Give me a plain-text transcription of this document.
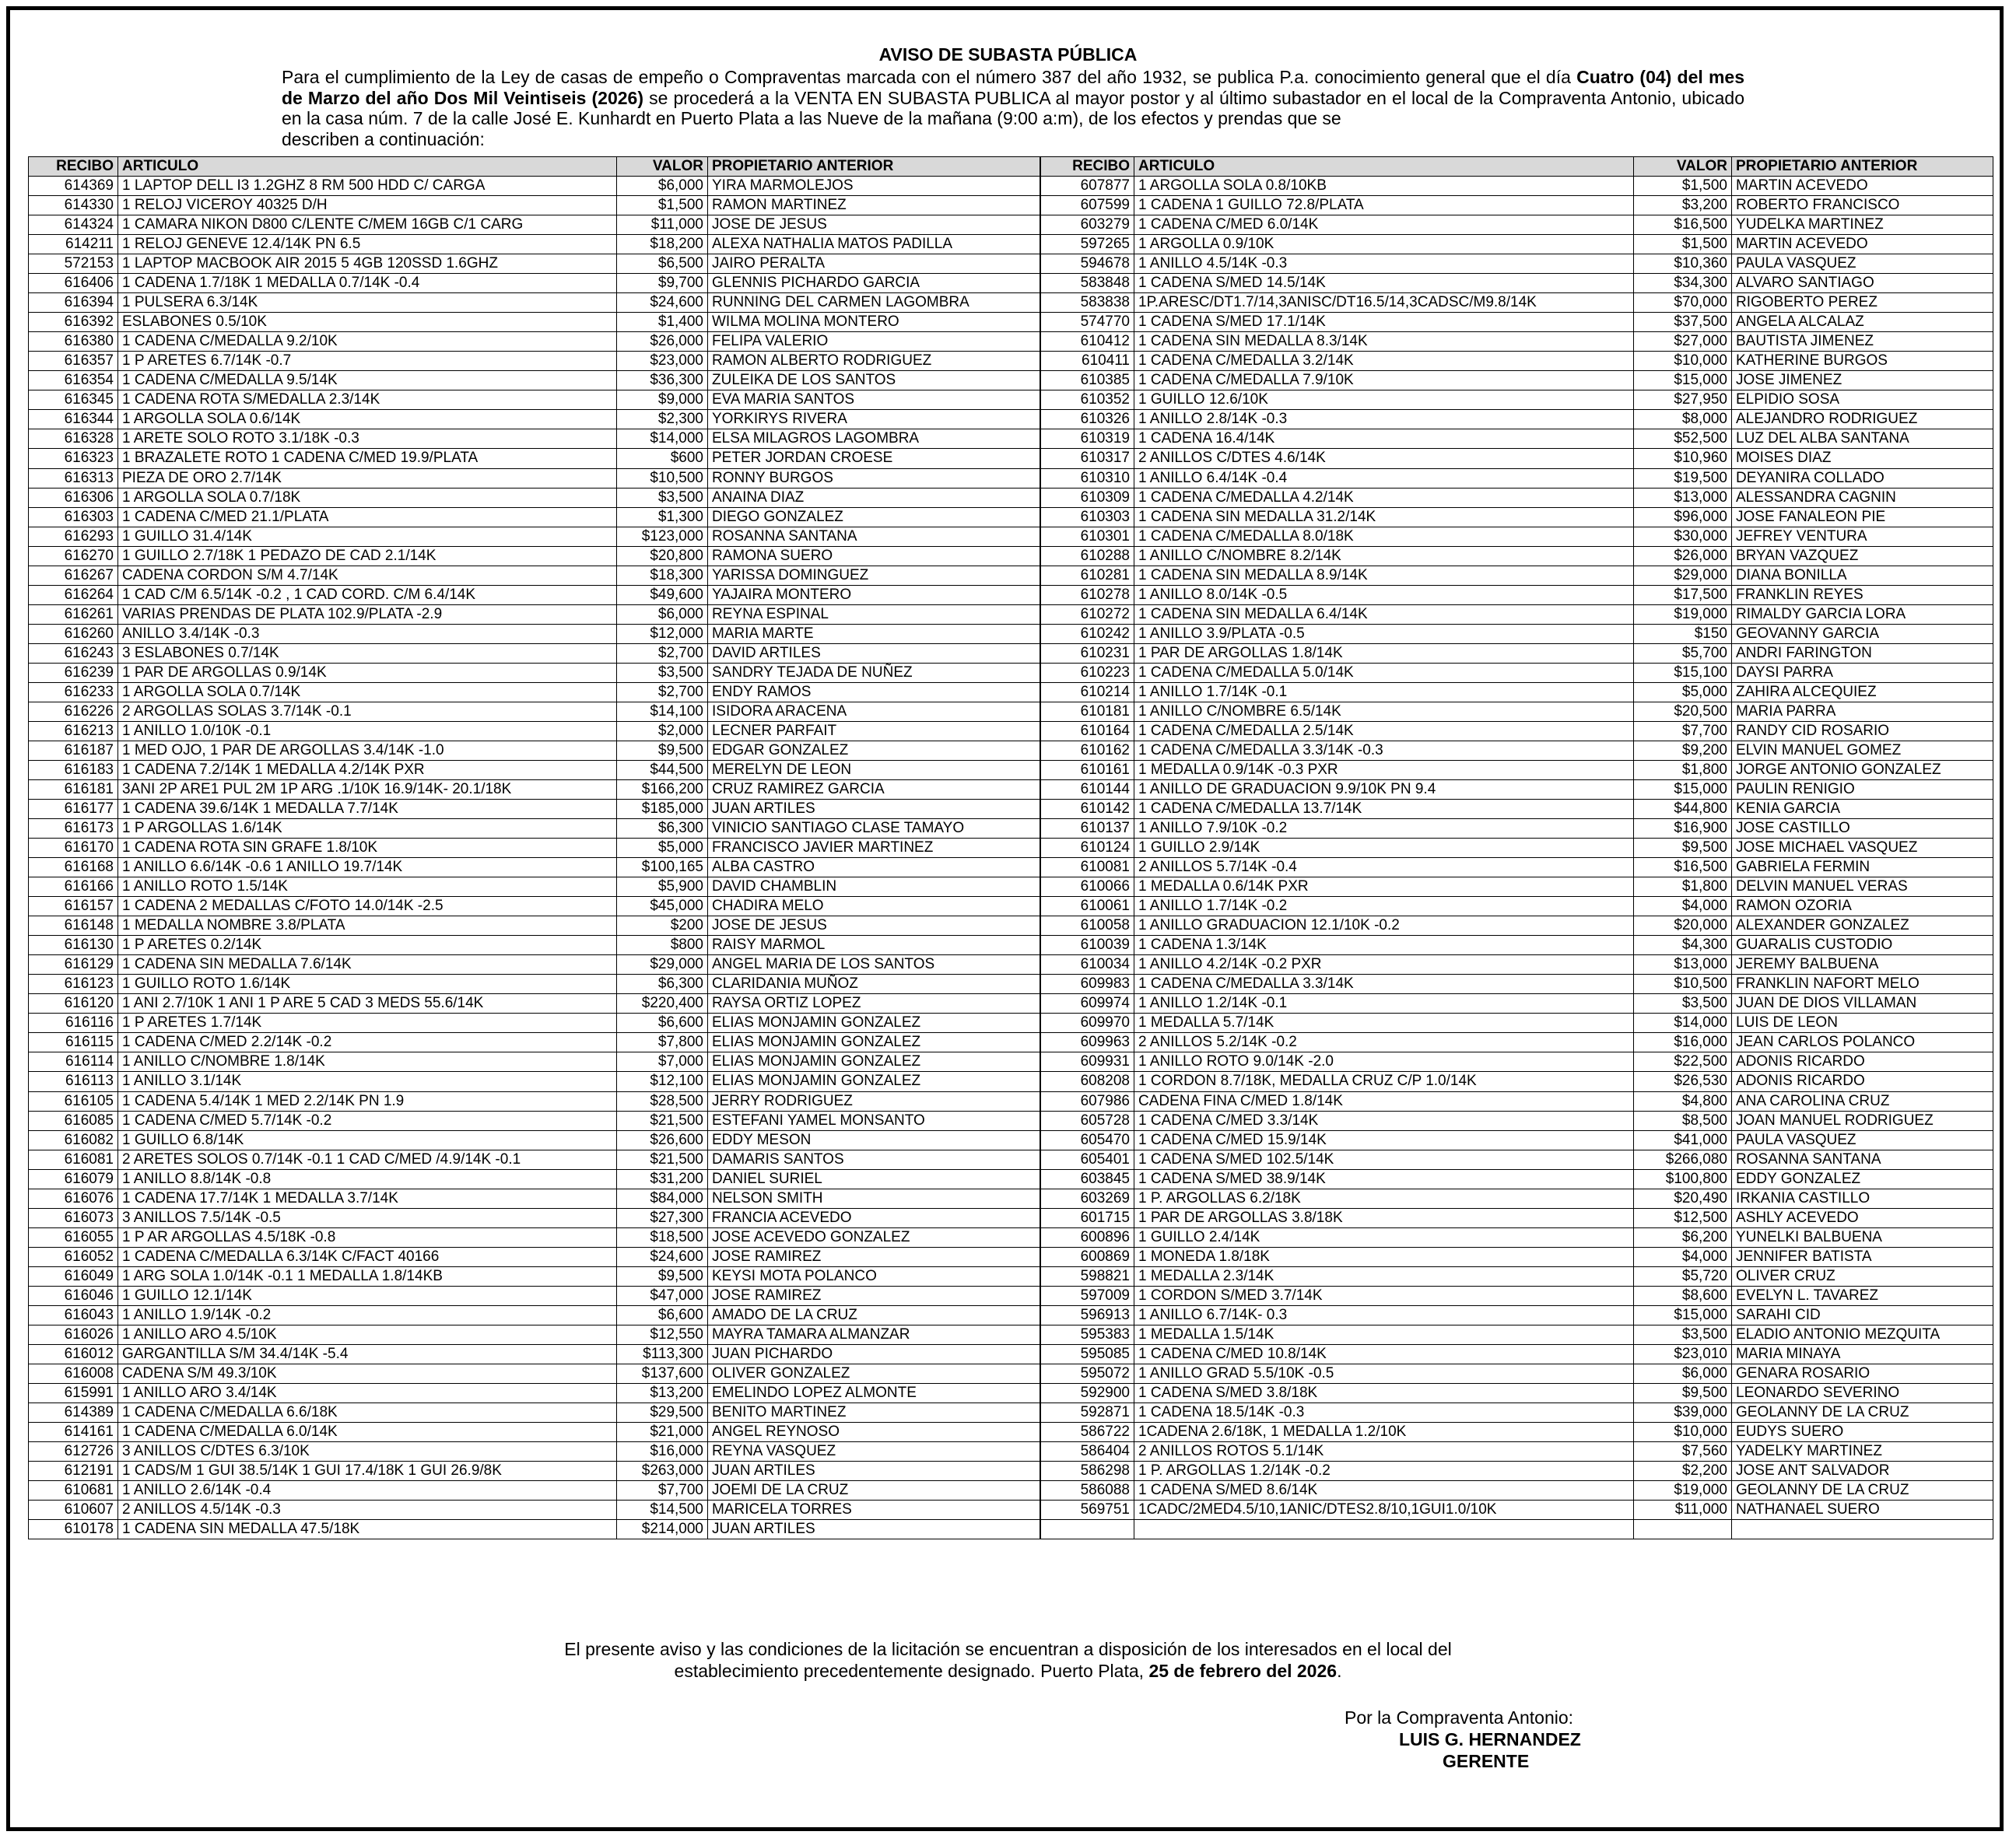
AVISO DE SUBASTA PÚBLICA
Para el cumplimiento de la Ley de casas de empeño o Compraventas marcada con el número 387 del año 1932, se publica P.a. conocimiento general que el día Cuatro (04) del mes de Marzo del año Dos Mil Veintiseis (2026) se procederá a la VENTA EN SUBASTA PUBLICA al mayor postor y al último subastador en el local de la Compraventa Antonio, ubicado en la casa núm. 7 de la calle José E. Kunhardt en Puerto Plata a las Nueve de la mañana (9:00 a:m), de los efectos y prendas que se
describen a continuación:
RECIBO	ARTICULO	VALOR	PROPIETARIO ANTERIOR
614369	1 LAPTOP DELL I3 1.2GHZ 8 RM 500 HDD C/ CARGA	$6,000	YIRA MARMOLEJOS
614330	1 RELOJ VICEROY 40325 D/H	$1,500	RAMON MARTINEZ
614324	1 CAMARA NIKON D800 C/LENTE C/MEM 16GB C/1 CARG	$11,000	JOSE DE JESUS
614211	1 RELOJ GENEVE 12.4/14K PN 6.5	$18,200	ALEXA NATHALIA MATOS PADILLA
572153	1 LAPTOP MACBOOK AIR 2015 5 4GB 120SSD 1.6GHZ	$6,500	JAIRO PERALTA
616406	1 CADENA 1.7/18K 1 MEDALLA 0.7/14K -0.4	$9,700	GLENNIS PICHARDO GARCIA
616394	1 PULSERA 6.3/14K	$24,600	RUNNING DEL CARMEN LAGOMBRA
616392	ESLABONES 0.5/10K	$1,400	WILMA MOLINA MONTERO
616380	1 CADENA C/MEDALLA 9.2/10K	$26,000	FELIPA VALERIO
616357	1 P ARETES 6.7/14K -0.7	$23,000	RAMON ALBERTO RODRIGUEZ
616354	1 CADENA C/MEDALLA 9.5/14K	$36,300	ZULEIKA DE LOS SANTOS
616345	1 CADENA ROTA S/MEDALLA 2.3/14K	$9,000	EVA MARIA SANTOS
616344	1 ARGOLLA SOLA 0.6/14K	$2,300	YORKIRYS RIVERA
616328	1 ARETE SOLO ROTO 3.1/18K -0.3	$14,000	ELSA MILAGROS LAGOMBRA
616323	1 BRAZALETE ROTO 1 CADENA C/MED 19.9/PLATA	$600	PETER JORDAN CROESE
616313	PIEZA DE ORO 2.7/14K	$10,500	RONNY BURGOS
616306	1 ARGOLLA SOLA 0.7/18K	$3,500	ANAINA DIAZ
616303	1 CADENA C/MED 21.1/PLATA	$1,300	DIEGO GONZALEZ
616293	1 GUILLO 31.4/14K	$123,000	ROSANNA SANTANA
616270	1 GUILLO 2.7/18K 1 PEDAZO DE CAD 2.1/14K	$20,800	RAMONA SUERO
616267	CADENA CORDON S/M 4.7/14K	$18,300	YARISSA DOMINGUEZ
616264	1 CAD C/M 6.5/14K -0.2 , 1 CAD CORD. C/M 6.4/14K	$49,600	YAJAIRA MONTERO
616261	VARIAS PRENDAS DE PLATA 102.9/PLATA -2.9	$6,000	REYNA ESPINAL
616260	ANILLO 3.4/14K -0.3	$12,000	MARIA MARTE
616243	3 ESLABONES 0.7/14K	$2,700	DAVID ARTILES
616239	1 PAR DE ARGOLLAS 0.9/14K	$3,500	SANDRY TEJADA DE NUÑEZ
616233	1 ARGOLLA SOLA 0.7/14K	$2,700	ENDY RAMOS
616226	2 ARGOLLAS SOLAS 3.7/14K -0.1	$14,100	ISIDORA ARACENA
616213	1 ANILLO 1.0/10K -0.1	$2,000	LECNER PARFAIT
616187	1 MED OJO, 1 PAR DE ARGOLLAS 3.4/14K -1.0	$9,500	EDGAR GONZALEZ
616183	1 CADENA 7.2/14K 1 MEDALLA 4.2/14K PXR	$44,500	MERELYN DE LEON
616181	3ANI 2P ARE1 PUL 2M 1P ARG .1/10K 16.9/14K- 20.1/18K	$166,200	CRUZ RAMIREZ GARCIA
616177	1 CADENA 39.6/14K 1 MEDALLA 7.7/14K	$185,000	JUAN ARTILES
616173	1 P ARGOLLAS 1.6/14K	$6,300	VINICIO SANTIAGO CLASE TAMAYO
616170	1 CADENA ROTA SIN GRAFE 1.8/10K	$5,000	FRANCISCO JAVIER MARTINEZ
616168	1 ANILLO 6.6/14K -0.6 1 ANILLO 19.7/14K	$100,165	ALBA CASTRO
616166	1 ANILLO ROTO 1.5/14K	$5,900	DAVID CHAMBLIN
616157	1 CADENA 2 MEDALLAS C/FOTO 14.0/14K -2.5	$45,000	CHADIRA MELO
616148	1 MEDALLA NOMBRE 3.8/PLATA	$200	JOSE DE JESUS
616130	1 P ARETES 0.2/14K	$800	RAISY MARMOL
616129	1 CADENA SIN MEDALLA 7.6/14K	$29,000	ANGEL MARIA DE LOS SANTOS
616123	1 GUILLO ROTO 1.6/14K	$6,300	CLARIDANIA MUÑOZ
616120	1 ANI 2.7/10K 1 ANI 1 P ARE 5 CAD 3 MEDS 55.6/14K	$220,400	RAYSA ORTIZ LOPEZ
616116	1 P ARETES 1.7/14K	$6,600	ELIAS MONJAMIN GONZALEZ
616115	1 CADENA C/MED 2.2/14K -0.2	$7,800	ELIAS MONJAMIN GONZALEZ
616114	1 ANILLO C/NOMBRE 1.8/14K	$7,000	ELIAS MONJAMIN GONZALEZ
616113	1 ANILLO 3.1/14K	$12,100	ELIAS MONJAMIN GONZALEZ
616105	1 CADENA 5.4/14K 1 MED 2.2/14K PN 1.9	$28,500	JERRY RODRIGUEZ
616085	1 CADENA C/MED 5.7/14K -0.2	$21,500	ESTEFANI YAMEL MONSANTO
616082	1 GUILLO 6.8/14K	$26,600	EDDY MESON
616081	2 ARETES SOLOS 0.7/14K -0.1 1 CAD C/MED /4.9/14K -0.1	$21,500	DAMARIS SANTOS
616079	1 ANILLO 8.8/14K -0.8	$31,200	DANIEL SURIEL
616076	1 CADENA 17.7/14K 1 MEDALLA 3.7/14K	$84,000	NELSON SMITH
616073	3 ANILLOS 7.5/14K -0.5	$27,300	FRANCIA ACEVEDO
616055	1 P AR ARGOLLAS 4.5/18K -0.8	$18,500	JOSE ACEVEDO GONZALEZ
616052	1 CADENA C/MEDALLA 6.3/14K C/FACT 40166	$24,600	JOSE RAMIREZ
616049	1 ARG SOLA 1.0/14K -0.1 1 MEDALLA 1.8/14KB	$9,500	KEYSI MOTA POLANCO
616046	1 GUILLO 12.1/14K	$47,000	JOSE RAMIREZ
616043	1 ANILLO 1.9/14K -0.2	$6,600	AMADO DE LA CRUZ
616026	1 ANILLO ARO 4.5/10K	$12,550	MAYRA TAMARA ALMANZAR
616012	GARGANTILLA S/M 34.4/14K -5.4	$113,300	JUAN PICHARDO
616008	CADENA S/M 49.3/10K	$137,600	OLIVER GONZALEZ
615991	1 ANILLO ARO 3.4/14K	$13,200	EMELINDO LOPEZ ALMONTE
614389	1 CADENA C/MEDALLA 6.6/18K	$29,500	BENITO MARTINEZ
614161	1 CADENA C/MEDALLA 6.0/14K	$21,000	ANGEL REYNOSO
612726	3 ANILLOS C/DTES 6.3/10K	$16,000	REYNA VASQUEZ
612191	1 CADS/M 1 GUI 38.5/14K 1 GUI 17.4/18K 1 GUI 26.9/8K	$263,000	JUAN ARTILES
610681	1 ANILLO 2.6/14K -0.4	$7,700	JOEMI DE LA CRUZ
610607	2 ANILLOS 4.5/14K -0.3	$14,500	MARICELA TORRES
610178	1 CADENA SIN MEDALLA 47.5/18K	$214,000	JUAN ARTILES
RECIBO	ARTICULO	VALOR	PROPIETARIO ANTERIOR
607877	1 ARGOLLA SOLA 0.8/10KB	$1,500	MARTIN ACEVEDO
607599	1 CADENA 1 GUILLO 72.8/PLATA	$3,200	ROBERTO FRANCISCO
603279	1 CADENA C/MED 6.0/14K	$16,500	YUDELKA MARTINEZ
597265	1 ARGOLLA 0.9/10K	$1,500	MARTIN ACEVEDO
594678	1 ANILLO 4.5/14K -0.3	$10,360	PAULA VASQUEZ
583848	1 CADENA S/MED 14.5/14K	$34,300	ALVARO SANTIAGO
583838	1P.ARESC/DT1.7/14,3ANISC/DT16.5/14,3CADSC/M9.8/14K	$70,000	RIGOBERTO PEREZ
574770	1 CADENA S/MED 17.1/14K	$37,500	ANGELA ALCALAZ
610412	1 CADENA SIN MEDALLA 8.3/14K	$27,000	BAUTISTA JIMENEZ
610411	1 CADENA C/MEDALLA 3.2/14K	$10,000	KATHERINE BURGOS
610385	1 CADENA C/MEDALLA 7.9/10K	$15,000	JOSE JIMENEZ
610352	1 GUILLO 12.6/10K	$27,950	ELPIDIO SOSA
610326	1 ANILLO 2.8/14K -0.3	$8,000	ALEJANDRO RODRIGUEZ
610319	1 CADENA 16.4/14K	$52,500	LUZ DEL ALBA SANTANA
610317	2 ANILLOS C/DTES 4.6/14K	$10,960	MOISES DIAZ
610310	1 ANILLO 6.4/14K -0.4	$19,500	DEYANIRA COLLADO
610309	1 CADENA C/MEDALLA 4.2/14K	$13,000	ALESSANDRA CAGNIN
610303	1 CADENA SIN MEDALLA 31.2/14K	$96,000	JOSE FANALEON PIE
610301	1 CADENA C/MEDALLA 8.0/18K	$30,000	JEFREY VENTURA
610288	1 ANILLO C/NOMBRE 8.2/14K	$26,000	BRYAN VAZQUEZ
610281	1 CADENA SIN MEDALLA 8.9/14K	$29,000	DIANA BONILLA
610278	1 ANILLO 8.0/14K -0.5	$17,500	FRANKLIN REYES
610272	1 CADENA SIN MEDALLA 6.4/14K	$19,000	RIMALDY GARCIA LORA
610242	1 ANILLO 3.9/PLATA -0.5	$150	GEOVANNY GARCIA
610231	1 PAR DE ARGOLLAS 1.8/14K	$5,700	ANDRI FARINGTON
610223	1 CADENA C/MEDALLA 5.0/14K	$15,100	DAYSI PARRA
610214	1 ANILLO 1.7/14K -0.1	$5,000	ZAHIRA ALCEQUIEZ
610181	1 ANILLO C/NOMBRE 6.5/14K	$20,500	MARIA PARRA
610164	1 CADENA C/MEDALLA 2.5/14K	$7,700	RANDY CID ROSARIO
610162	1 CADENA C/MEDALLA 3.3/14K -0.3	$9,200	ELVIN MANUEL GOMEZ
610161	1 MEDALLA 0.9/14K -0.3 PXR	$1,800	JORGE ANTONIO GONZALEZ
610144	1 ANILLO DE GRADUACION 9.9/10K PN 9.4	$15,000	PAULIN RENIGIO
610142	1 CADENA C/MEDALLA 13.7/14K	$44,800	KENIA GARCIA
610137	1 ANILLO 7.9/10K -0.2	$16,900	JOSE CASTILLO
610124	1 GUILLO 2.9/14K	$9,500	JOSE MICHAEL VASQUEZ
610081	2 ANILLOS 5.7/14K -0.4	$16,500	GABRIELA FERMIN
610066	1 MEDALLA 0.6/14K PXR	$1,800	DELVIN MANUEL VERAS
610061	1 ANILLO 1.7/14K -0.2	$4,000	RAMON OZORIA
610058	1 ANILLO GRADUACION 12.1/10K -0.2	$20,000	ALEXANDER GONZALEZ
610039	1 CADENA 1.3/14K	$4,300	GUARALIS CUSTODIO
610034	1 ANILLO 4.2/14K -0.2 PXR	$13,000	JEREMY BALBUENA
609983	1 CADENA C/MEDALLA 3.3/14K	$10,500	FRANKLIN NAFORT MELO
609974	1 ANILLO 1.2/14K -0.1	$3,500	JUAN DE DIOS VILLAMAN
609970	1 MEDALLA 5.7/14K	$14,000	LUIS DE LEON
609963	2 ANILLOS 5.2/14K -0.2	$16,000	JEAN CARLOS POLANCO
609931	1 ANILLO ROTO 9.0/14K -2.0	$22,500	ADONIS RICARDO
608208	1 CORDON 8.7/18K, MEDALLA CRUZ C/P 1.0/14K	$26,530	ADONIS RICARDO
607986	CADENA FINA C/MED 1.8/14K	$4,800	ANA CAROLINA CRUZ
605728	1 CADENA C/MED 3.3/14K	$8,500	JOAN MANUEL RODRIGUEZ
605470	1 CADENA C/MED 15.9/14K	$41,000	PAULA VASQUEZ
605401	1 CADENA S/MED 102.5/14K	$266,080	ROSANNA SANTANA
603845	1 CADENA S/MED 38.9/14K	$100,800	EDDY GONZALEZ
603269	1 P. ARGOLLAS 6.2/18K	$20,490	IRKANIA CASTILLO
601715	1 PAR DE ARGOLLAS 3.8/18K	$12,500	ASHLY ACEVEDO
600896	1 GUILLO 2.4/14K	$6,200	YUNELKI BALBUENA
600869	1 MONEDA 1.8/18K	$4,000	JENNIFER BATISTA
598821	1 MEDALLA 2.3/14K	$5,720	OLIVER CRUZ
597009	1 CORDON S/MED 3.7/14K	$8,600	EVELYN L. TAVAREZ
596913	1 ANILLO 6.7/14K- 0.3	$15,000	SARAHI CID
595383	1 MEDALLA 1.5/14K	$3,500	ELADIO ANTONIO MEZQUITA
595085	1 CADENA C/MED 10.8/14K	$23,010	MARIA MINAYA
595072	1 ANILLO GRAD 5.5/10K -0.5	$6,000	GENARA ROSARIO
592900	1 CADENA S/MED 3.8/18K	$9,500	LEONARDO SEVERINO
592871	1 CADENA 18.5/14K -0.3	$39,000	GEOLANNY DE LA CRUZ
586722	1CADENA 2.6/18K, 1 MEDALLA 1.2/10K	$10,000	EUDYS SUERO
586404	2 ANILLOS ROTOS 5.1/14K	$7,560	YADELKY MARTINEZ
586298	1 P. ARGOLLAS 1.2/14K -0.2	$2,200	JOSE ANT SALVADOR
586088	1 CADENA S/MED 8.6/14K	$19,000	GEOLANNY DE LA CRUZ
569751	1CADC/2MED4.5/10,1ANIC/DTES2.8/10,1GUI1.0/10K	$11,000	NATHANAEL SUERO

El presente aviso y las condiciones de la licitación se encuentran a disposición de los interesados en el local del
establecimiento precedentemente designado. Puerto Plata, 25 de febrero del 2026.
Por la Compraventa Antonio:
LUIS G. HERNANDEZ
GERENTE
